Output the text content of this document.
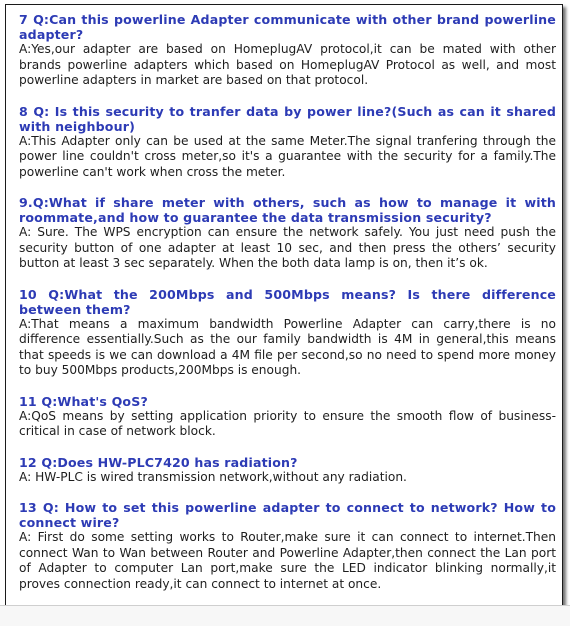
7 Q:Can this powerline Adapter communicate with other brand powerline adapter?

A:Yes,our adapter are based on HomeplugAV protocol,it can be mated with other brands powerline adapters which based on HomeplugAV Protocol as well, and most powerline adapters in market are based on that protocol.

8 Q: Is this security to tranfer data by power line?(Such as can it shared with neighbour)

A:This Adapter only can be used at the same Meter.The signal tranfering through the power line couldn't cross meter,so it's a guarantee with the security for a family.The powerline can't work when cross the meter.

9.Q:What if share meter with others, such as how to manage it with roommate,and how to guarantee the data transmission security?

A: Sure. The WPS encryption can ensure the network safely. You just need push the security button of one adapter at least 10 sec, and then press the others’ security button at least 3 sec separately. When the both data lamp is on, then it’s ok.

10 Q:What the 200Mbps and 500Mbps means? Is there difference between them?

A:That means a maximum bandwidth Powerline Adapter can carry,there is no difference essentially.Such as the our family bandwidth is 4M in general,this means that speeds is we can download a 4M file per second,so no need to spend more money to buy 500Mbps products,200Mbps is enough.

11 Q:What's QoS?

A:QoS means by setting application priority to ensure the smooth flow of business-critical in case of network block.

12 Q:Does HW-PLC7420 has radiation?

A: HW-PLC is wired transmission network,without any radiation.

13 Q: How to set this powerline adapter to connect to network? How to connect wire?

A: First do some setting works to Router,make sure it can connect to internet.Then connect Wan to Wan between Router and Powerline Adapter,then connect the Lan port of Adapter to computer Lan port,make sure the LED indicator blinking normally,it proves connection ready,it can connect to internet at once.
